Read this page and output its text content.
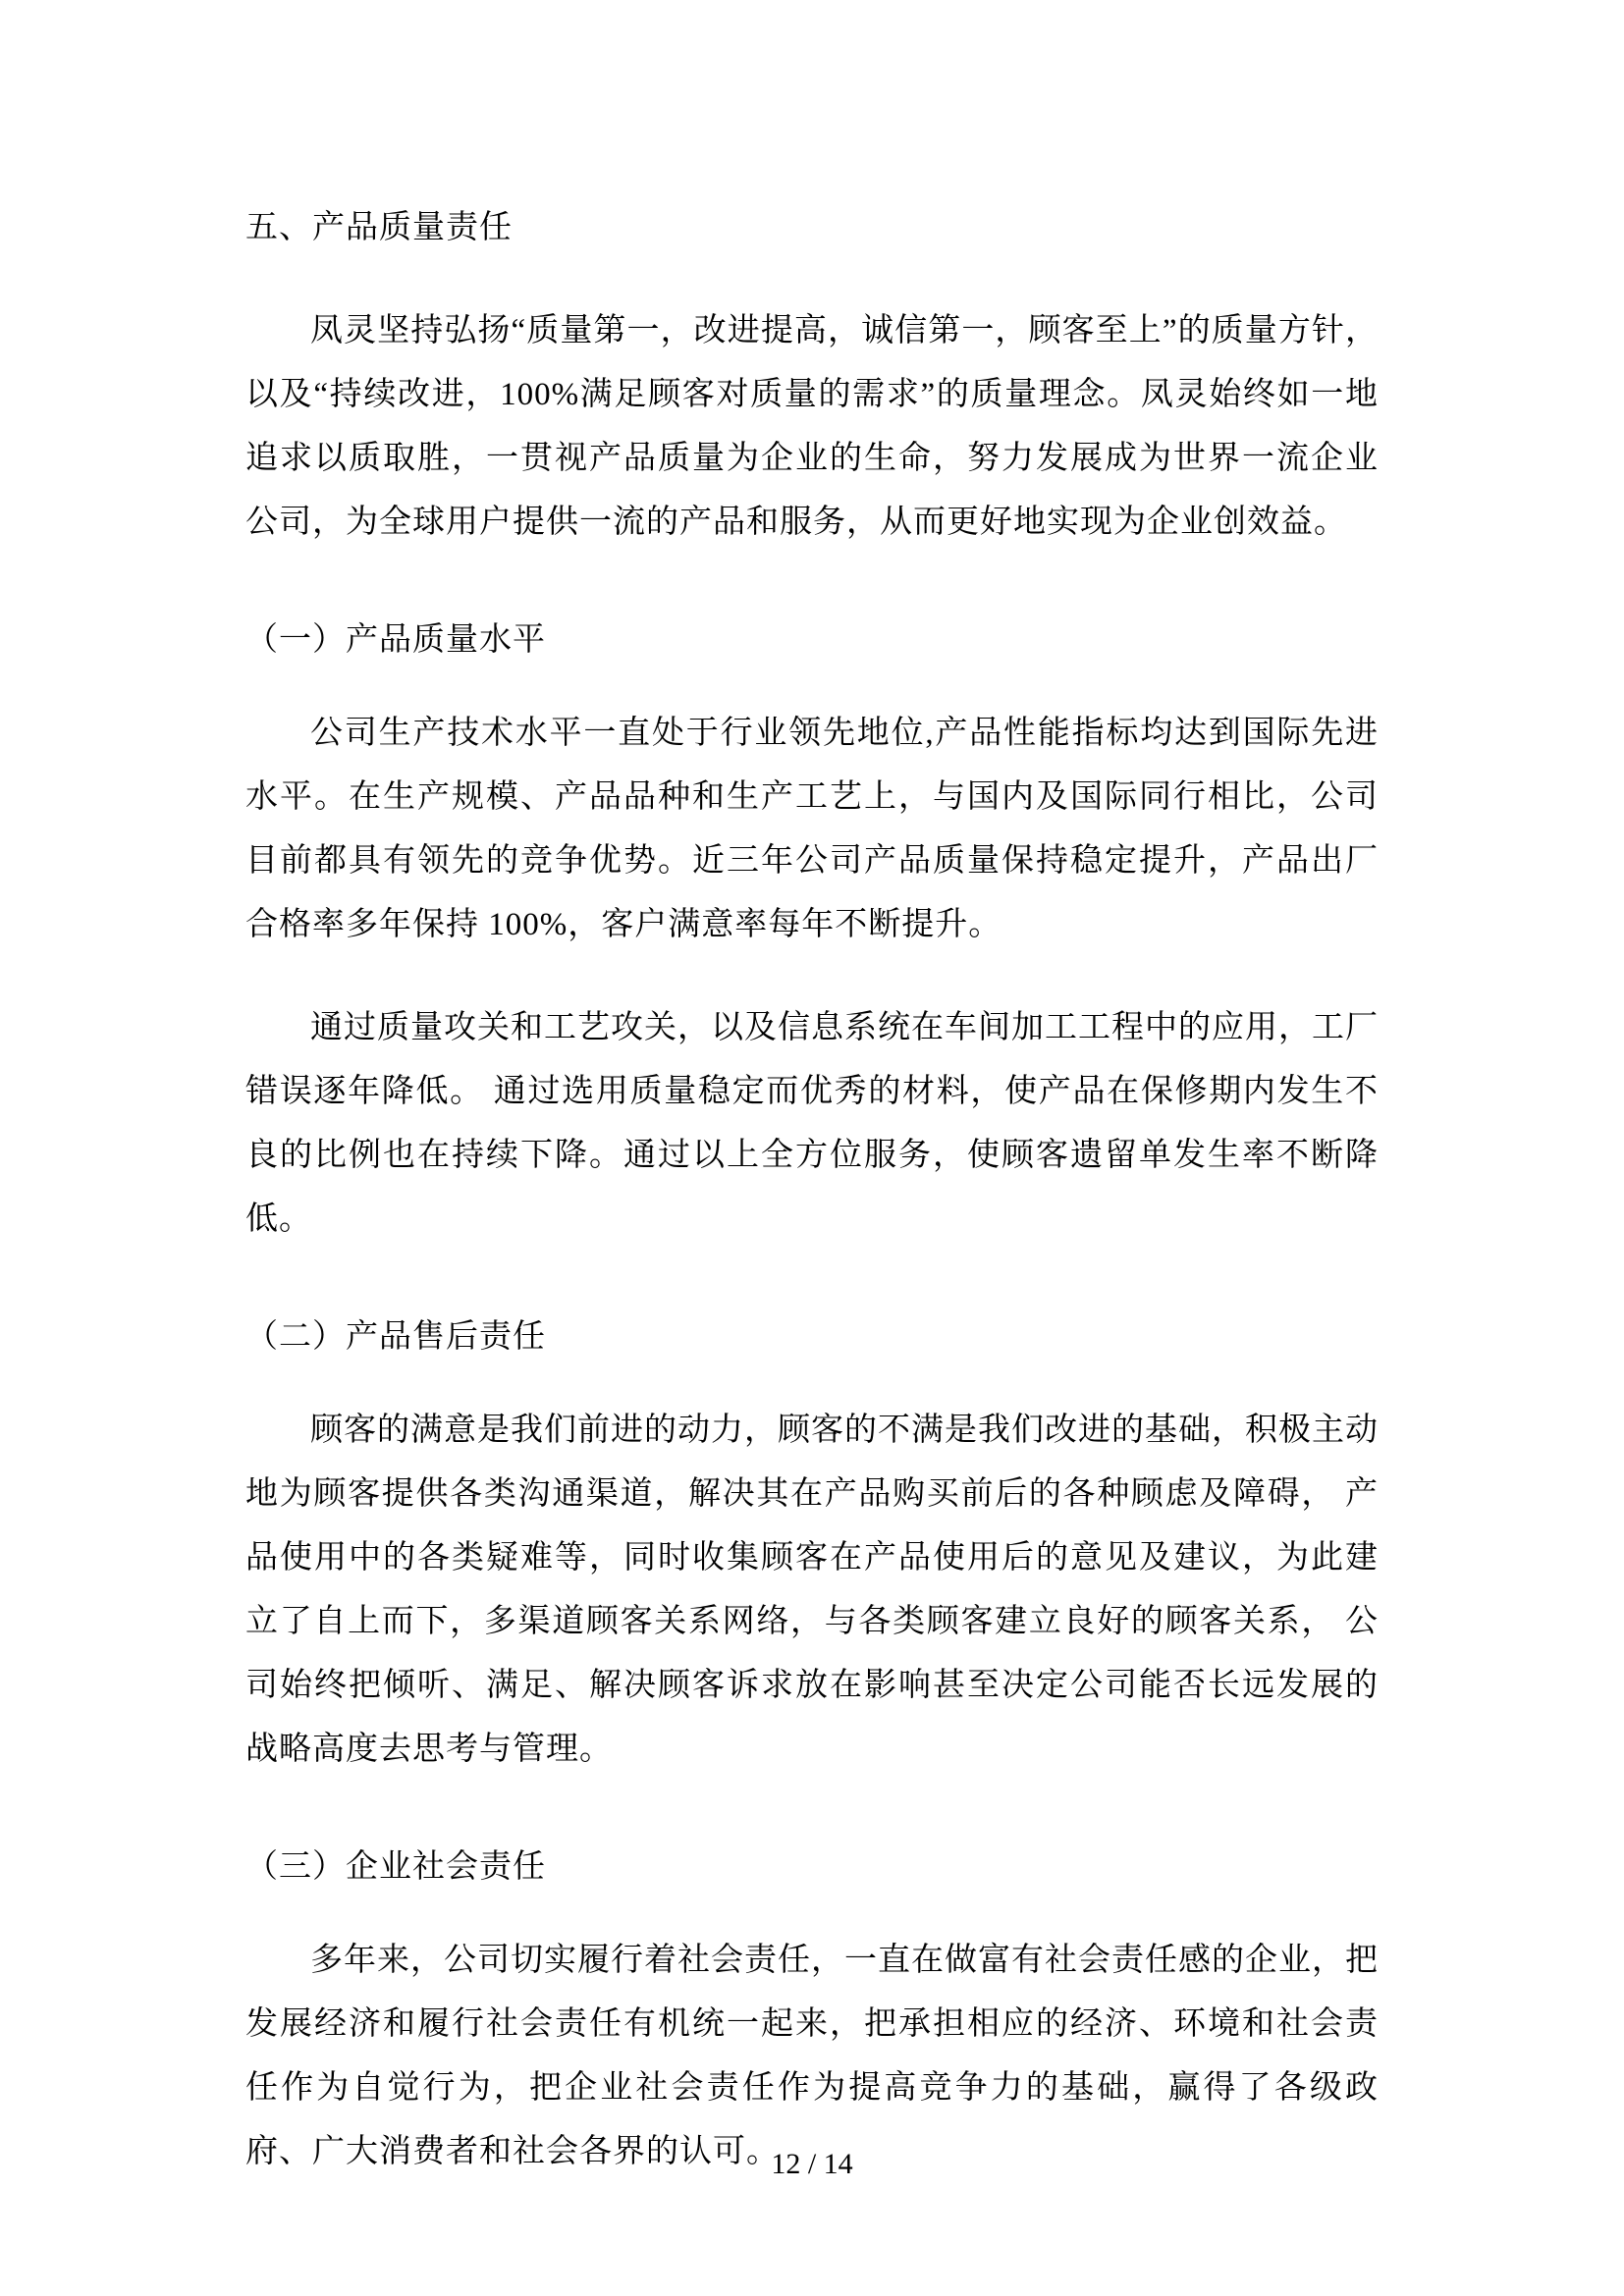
五、产品质量责任

凤灵坚持弘扬“质量第一，改进提高，诚信第一，顾客至上”的质量方针，以及“持续改进，100%满足顾客对质量的需求”的质量理念。凤灵始终如一地追求以质取胜，一贯视产品质量为企业的生命，努力发展成为世界一流企业公司，为全球用户提供一流的产品和服务，从而更好地实现为企业创效益。

（一）产品质量水平

公司生产技术水平一直处于行业领先地位,产品性能指标均达到国际先进水平。在生产规模、产品品种和生产工艺上，与国内及国际同行相比，公司目前都具有领先的竞争优势。近三年公司产品质量保持稳定提升，产品出厂合格率多年保持 100%，客户满意率每年不断提升。

通过质量攻关和工艺攻关，以及信息系统在车间加工工程中的应用，工厂错误逐年降低。 通过选用质量稳定而优秀的材料，使产品在保修期内发生不良的比例也在持续下降。通过以上全方位服务，使顾客遗留单发生率不断降低。

（二）产品售后责任

顾客的满意是我们前进的动力，顾客的不满是我们改进的基础，积极主动地为顾客提供各类沟通渠道，解决其在产品购买前后的各种顾虑及障碍， 产品使用中的各类疑难等，同时收集顾客在产品使用后的意见及建议，为此建立了自上而下，多渠道顾客关系网络，与各类顾客建立良好的顾客关系， 公司始终把倾听、满足、解决顾客诉求放在影响甚至决定公司能否长远发展的战略高度去思考与管理。

（三）企业社会责任

多年来，公司切实履行着社会责任，一直在做富有社会责任感的企业，把发展经济和履行社会责任有机统一起来，把承担相应的经济、环境和社会责任作为自觉行为，把企业社会责任作为提高竞争力的基础，赢得了各级政府、广大消费者和社会各界的认可。

12 / 14
